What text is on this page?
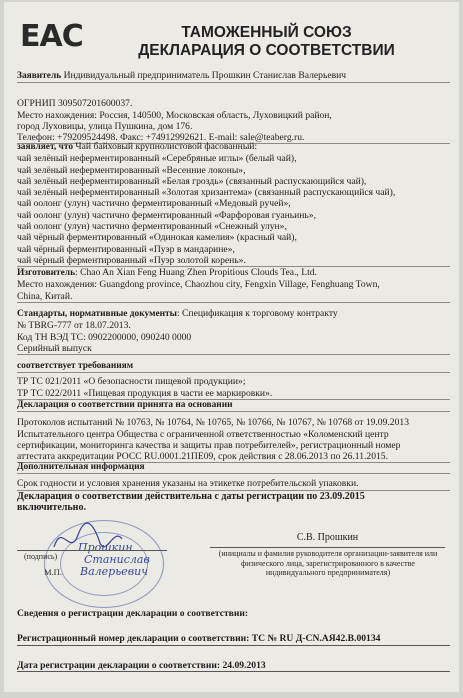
ЕАС	ТАМОЖЕННЫЙ СОЮЗ
ДЕКЛАРАЦИЯ О СООТВЕТСТВИИ
Заявитель Индивидуальный предприниматель Прошкин Станислав Валерьевич
ОГРНИП 309507201600037.
Место нахождения: Россия, 140500, Московская область, Луховицкий район,
город Луховицы, улица Пушкина, дом 176.
Телефон: +79209524498. Факс: +74912992621. E-mail: sale@teaberg.ru.
заявляет, что Чай байховый крупнолистовой фасованный:
чай зелёный неферментированный «Серебряные иглы» (белый чай),
чай зелёный неферментированный «Весенние локоны»,
чай зелёный неферментированный «Белая гроздь» (связанный распускающийся чай),
чай зелёный неферментированный «Золотая хризантема» (связанный распускающийся чай),
чай оолонг (улун) частично ферментированный «Медовый ручей»,
чай оолонг (улун) частично ферментированный «Фарфоровая гуаньинь»,
чай оолонг (улун) частично ферментированный «Снежный улун»,
чай чёрный ферментированный «Одинокая камелия» (красный чай),
чай чёрный ферментированный «Пуэр в мандарине»,
чай чёрный ферментированный «Пуэр золотой корень».
Изготовитель: Chao An Xian Feng Huang Zhen Propitious Clouds Tea., Ltd.
Место нахождения: Guangdong province, Chaozhou city, Fengxin Village, Fenghuang Town,
China, Китай.
Стандарты, нормативные документы: Спецификация к торговому контракту
№ TBRG-777 от 18.07.2013.
Код ТН ВЭД ТС: 0902200000, 090240 0000
Серийный выпуск
соответствует требованиям
ТР ТС 021/2011 «О безопасности пищевой продукции»;
ТР ТС 022/2011 «Пищевая продукция в части ее маркировки».
Декларация о соответствии принята на основании
Протоколов испытаний № 10763, № 10764, № 10765, № 10766, № 10767, № 10768 от 19.09.2013
Испытательного центра Общества с ограниченной ответственностью «Коломенский центр
сертификации, мониторинга качества и защиты прав потребителей», регистрационный номер
аттестата аккредитации РОСС RU.0001.21ПЕ09, срок действия с 28.06.2013 по 26.11.2015.
Дополнительная информация
Срок годности и условия хранения указаны на этикетке потребительской упаковки.
Декларация о соответствии действительна с даты регистрации по 23.09.2015
включительно.
Прошкин
Станислав
Валерьевич
(подпись)
М.П.
С.В. Прошкин
(инициалы и фамилия руководителя организации-заявителя или
физического лица, зарегистрированного в качестве
индивидуального предпринимателя)
Сведения о регистрации декларации о соответствии:
Регистрационный номер декларации о соответствии: ТС № RU Д-CN.АЯ42.В.00134
Дата регистрации декларации о соответствии: 24.09.2013
